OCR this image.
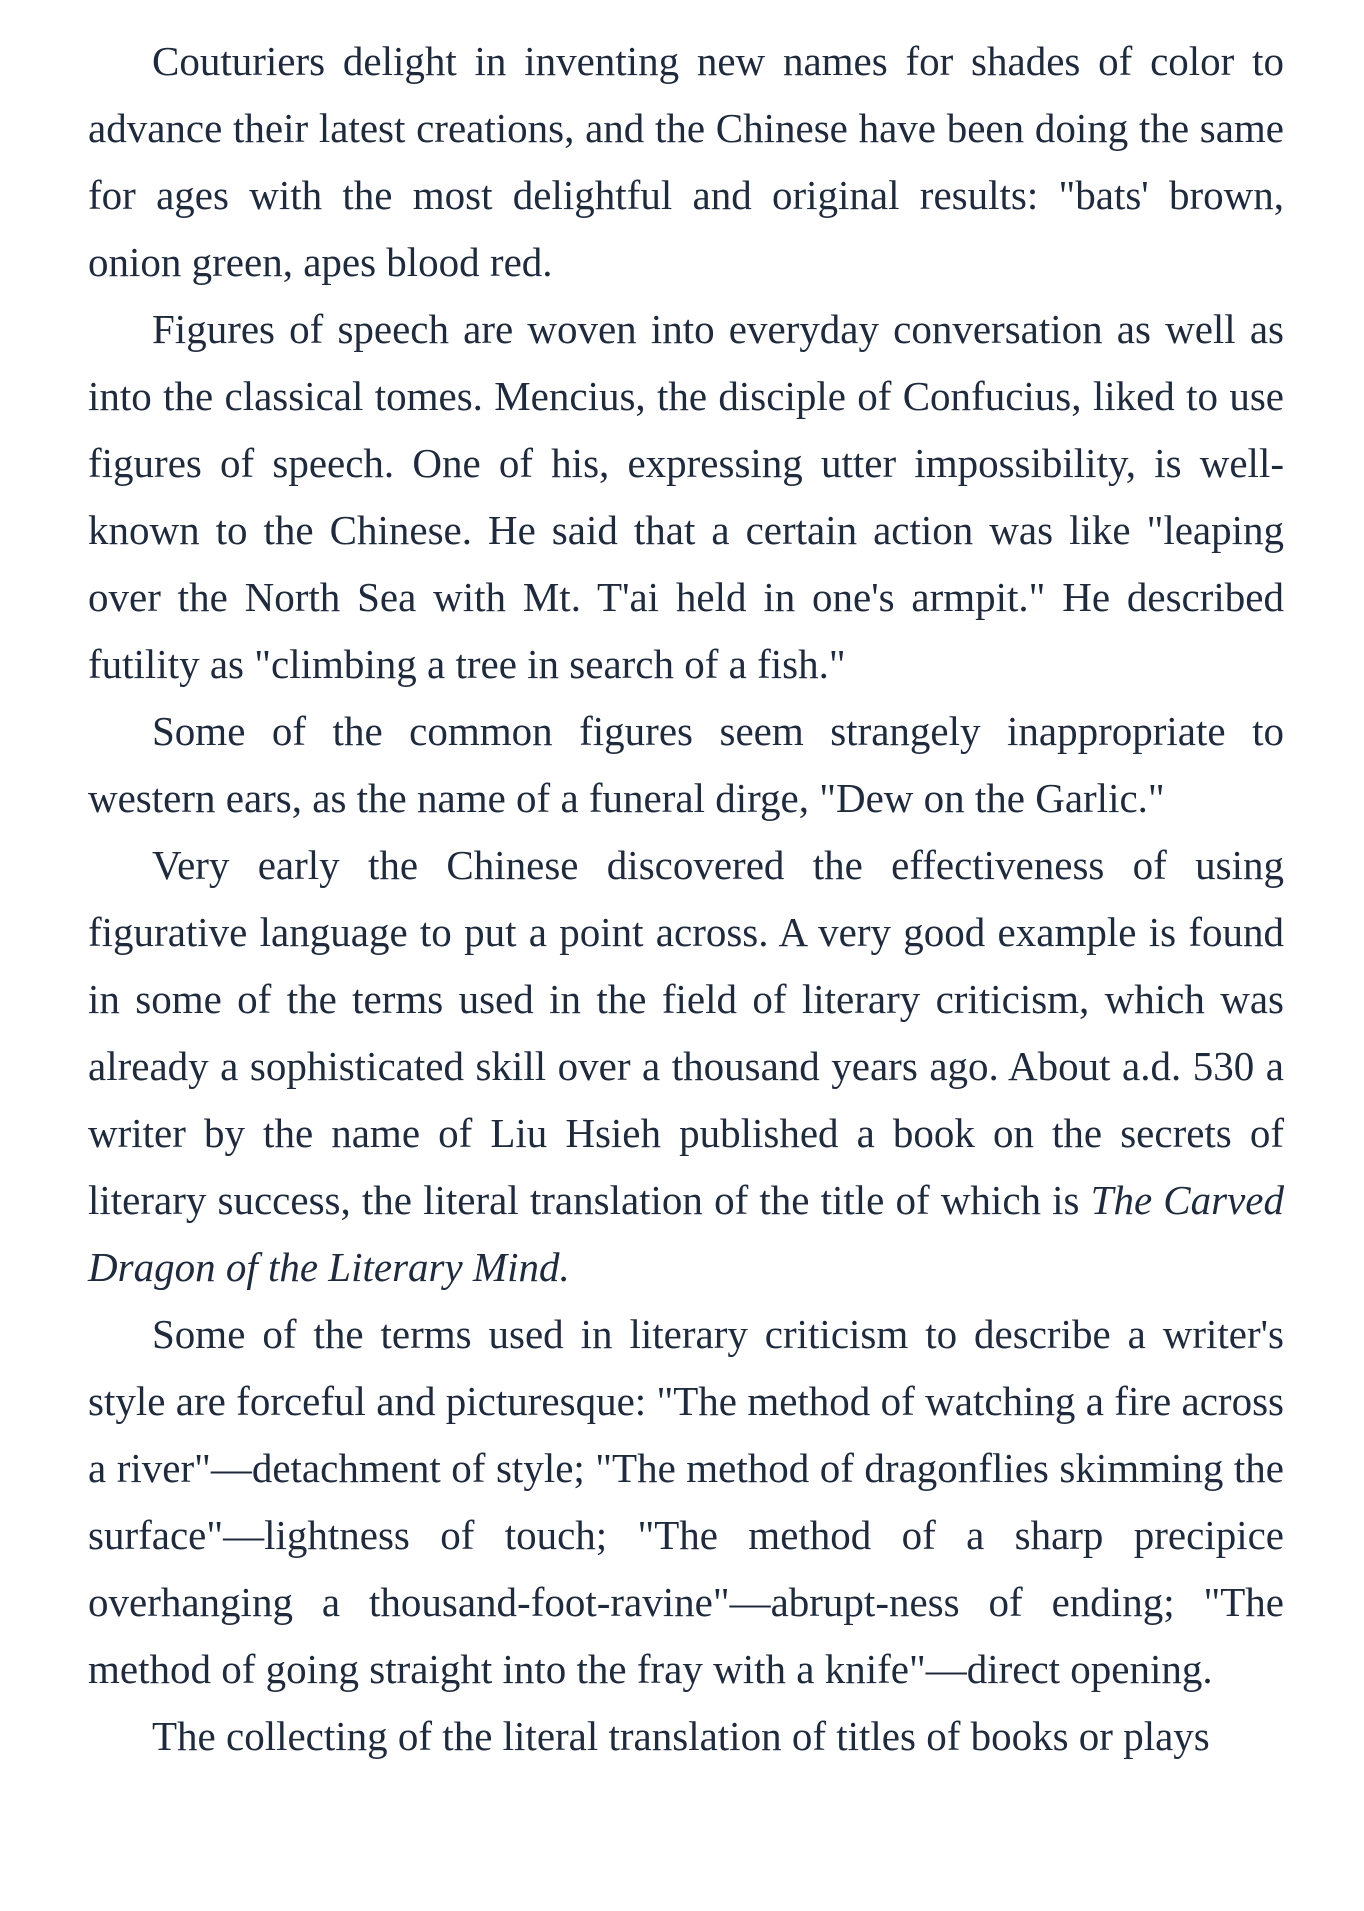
Couturiers delight in inventing new names for shades of color to advance their latest creations, and the Chinese have been doing the same for ages with the most delightful and original results: "bats' brown, onion green, apes blood red.

Figures of speech are woven into everyday conversation as well as into the classical tomes. Mencius, the disciple of Confucius, liked to use figures of speech. One of his, expressing utter impossibility, is well-known to the Chinese. He said that a certain action was like "leaping over the North Sea with Mt. T'ai held in one's armpit." He described futility as "climbing a tree in search of a fish."

Some of the common figures seem strangely inappropriate to western ears, as the name of a funeral dirge, "Dew on the Garlic."

Very early the Chinese discovered the effectiveness of using figurative language to put a point across. A very good example is found in some of the terms used in the field of literary criticism, which was already a sophisticated skill over a thousand years ago. About a.d. 530 a writer by the name of Liu Hsieh published a book on the secrets of literary success, the literal translation of the title of which is The Carved Dragon of the Literary Mind.

Some of the terms used in literary criticism to describe a writer's style are forceful and picturesque: "The method of watching a fire across a river"—detachment of style; "The method of dragonflies skimming the surface"—lightness of touch; "The method of a sharp precipice overhanging a thousand-foot-ravine"—abrupt-ness of ending; "The method of going straight into the fray with a knife"—direct opening.

The collecting of the literal translation of titles of books or plays
